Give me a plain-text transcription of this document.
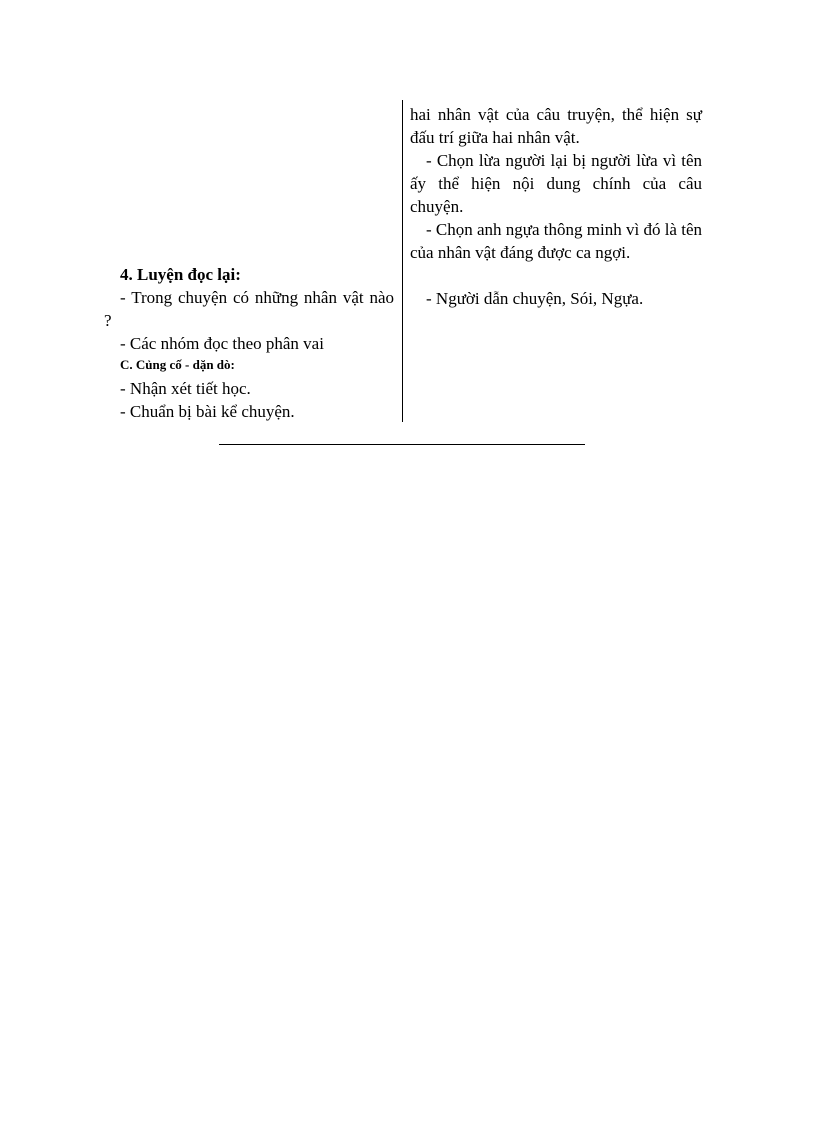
4. Luyện đọc lại:

- Trong chuyện có những nhân vật nào ?

- Các nhóm đọc theo phân vai

C. Củng cố - dặn dò:

- Nhận xét tiết học.

- Chuẩn bị bài kể chuyện.

hai nhân vật của câu truyện, thể hiện sự đấu trí giữa hai nhân vật.

- Chọn lừa người lại bị người lừa vì tên ấy thể hiện nội dung chính của câu chuyện.

- Chọn anh ngựa thông minh vì đó là tên của nhân vật đáng được ca ngợi.

- Người dẫn chuyện, Sói, Ngựa.
